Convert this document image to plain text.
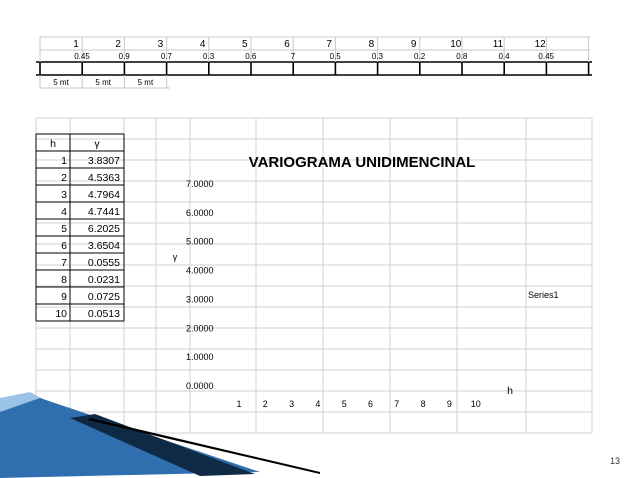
1	2	3	4	5	6	7	8	9	10	11	12
0.45	0.9	0.7	0.3	0.6	7	0.5	0.3	0.2	0.8	0.4	0.45
5 mt	5 mt	5 mt
h	γ
1 3.8307
2 4.5363
3 4.7964
4 4.7441
5 6.2025
6 3.6504
7 0.0555
8 0.0231
9 0.0725
10 0.0513
VARIOGRAMA UNIDIMENCINAL
γ
h
Series1
0.0000
1.0000
2.0000
3.0000
4.0000
5.0000
6.0000
7.0000
1 2 3 4 5 6 7 8 9 10
13
